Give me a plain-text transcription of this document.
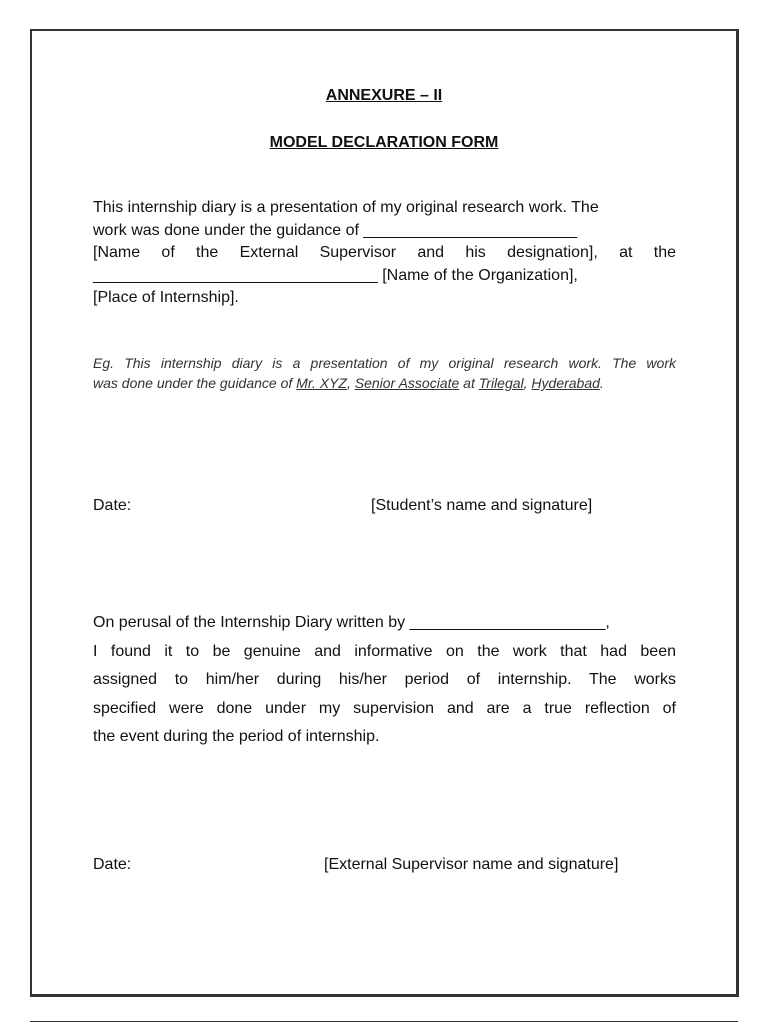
ANNEXURE – II
MODEL DECLARATION FORM
This internship diary is a presentation of my original research work. The
work was done under the guidance of ________________________
[Name of the External Supervisor and his designation], at the
________________________________ [Name of the Organization],
[Place of Internship].
Eg. This internship diary is a presentation of my original research work. The work
was done under the guidance of Mr. XYZ, Senior Associate at Trilegal, Hyderabad.
Date:	[Student’s name and signature]
On perusal of the Internship Diary written by ______________________,
I found it to be genuine and informative on the work that had been
assigned to him/her during his/her period of internship. The works
specified were done under my supervision and are a true reflection of
the event during the period of internship.
Date:	[External Supervisor name and signature]
